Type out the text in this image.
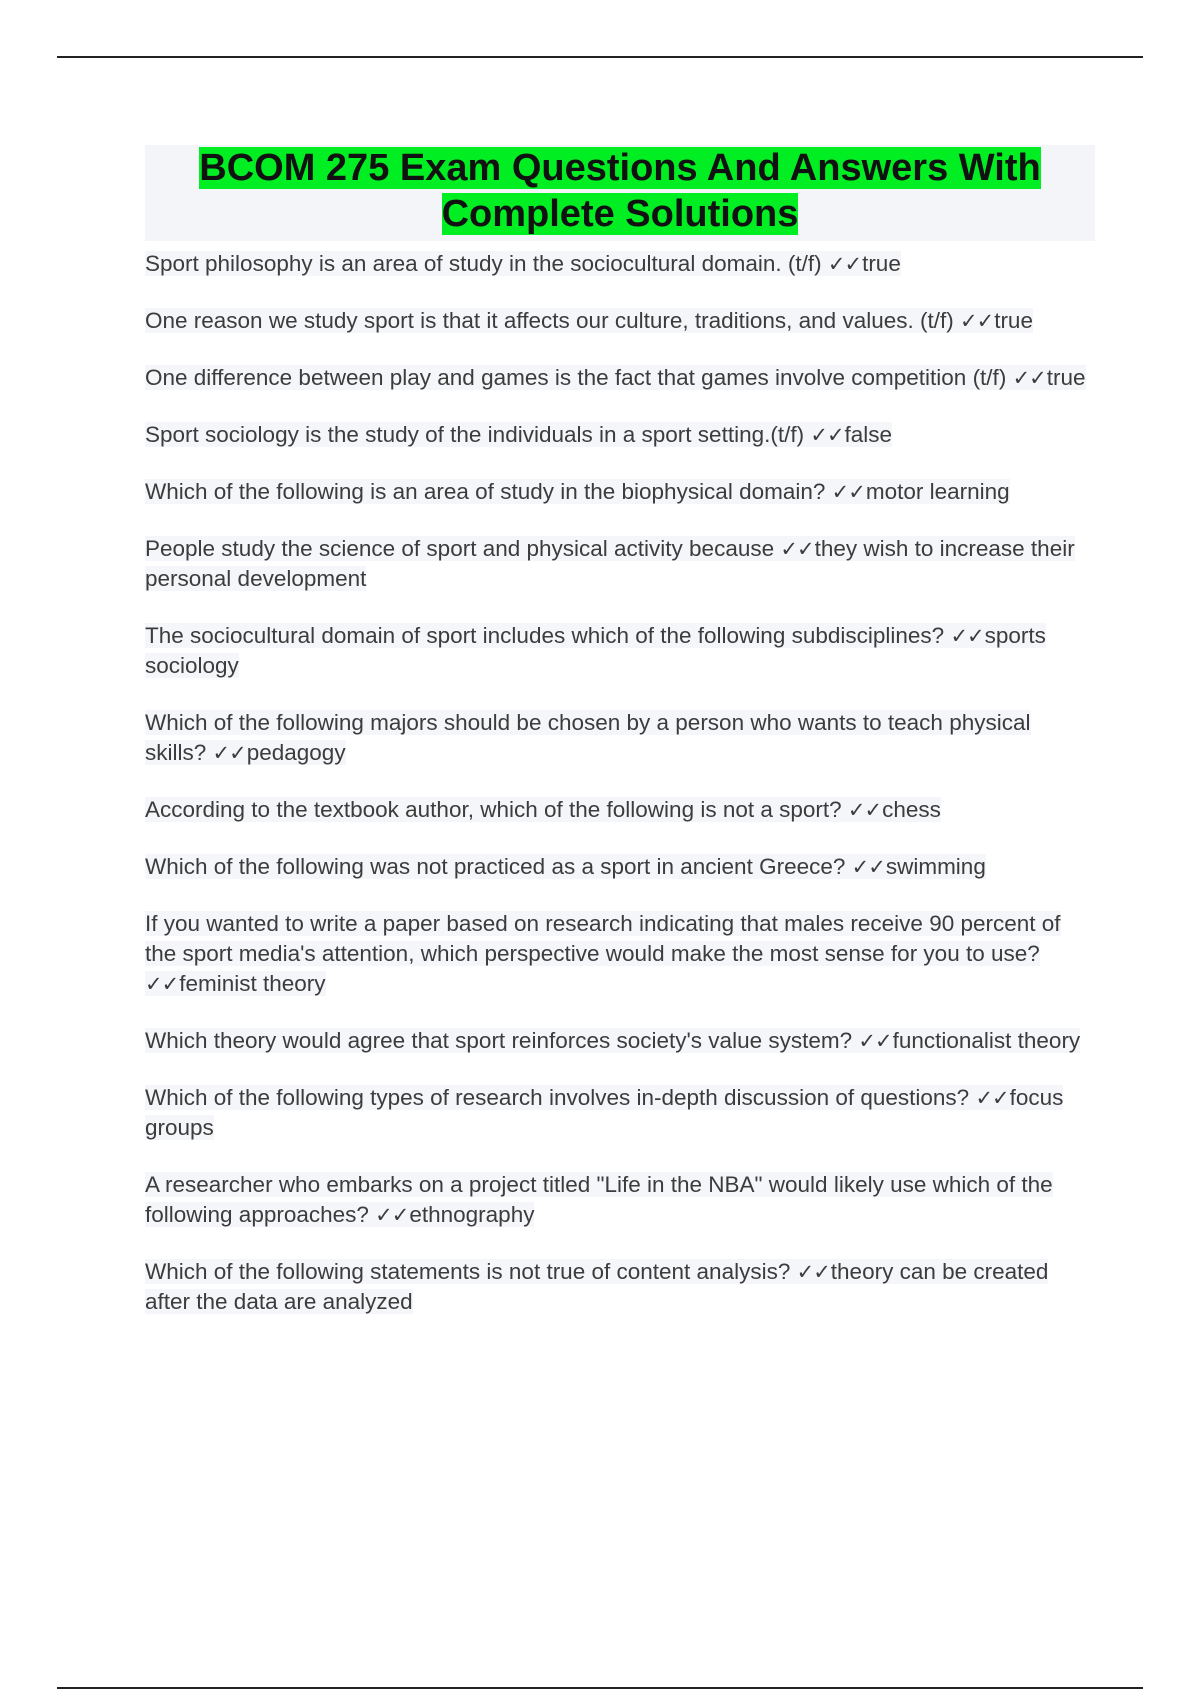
BCOM 275 Exam Questions And Answers With
Complete Solutions
Sport philosophy is an area of study in the sociocultural domain. (t/f) ✓✓true
One reason we study sport is that it affects our culture, traditions, and values. (t/f) ✓✓true
One difference between play and games is the fact that games involve competition (t/f) ✓✓true
Sport sociology is the study of the individuals in a sport setting.(t/f) ✓✓false
Which of the following is an area of study in the biophysical domain? ✓✓motor learning
People study the science of sport and physical activity because ✓✓they wish to increase their personal development
The sociocultural domain of sport includes which of the following subdisciplines? ✓✓sports sociology
Which of the following majors should be chosen by a person who wants to teach physical skills? ✓✓pedagogy
According to the textbook author, which of the following is not a sport? ✓✓chess
Which of the following was not practiced as a sport in ancient Greece? ✓✓swimming
If you wanted to write a paper based on research indicating that males receive 90 percent of the sport media's attention, which perspective would make the most sense for you to use? ✓✓feminist theory
Which theory would agree that sport reinforces society's value system? ✓✓functionalist theory
Which of the following types of research involves in-depth discussion of questions? ✓✓focus groups
A researcher who embarks on a project titled "Life in the NBA" would likely use which of the following approaches? ✓✓ethnography
Which of the following statements is not true of content analysis? ✓✓theory can be created after the data are analyzed
